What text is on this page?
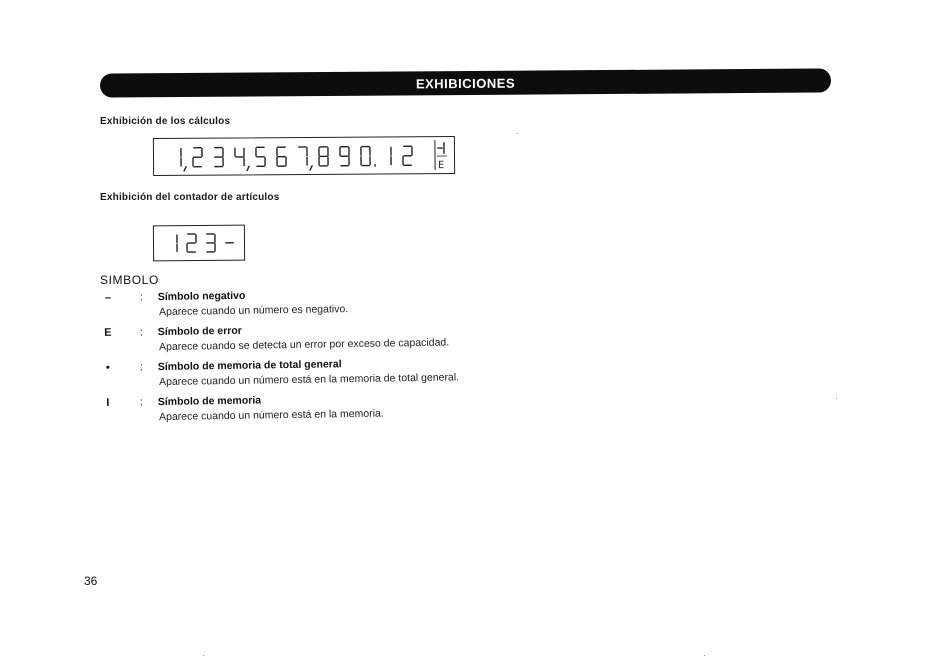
EXHIBICIONES
Exhibición de los cálculos
E
Exhibición del contador de artículos
SIMBOLO
–	: Símbolo negativo
Aparece cuando un número es negativo.
E	: Símbolo de error
Aparece cuando se detecta un error por exceso de capacidad.
•	: Símbolo de memoria de total general
Aparece cuando un número está en la memoria de total general.
I	: Símbolo de memoria
Aparece cuando un número está en la memoria.
36
